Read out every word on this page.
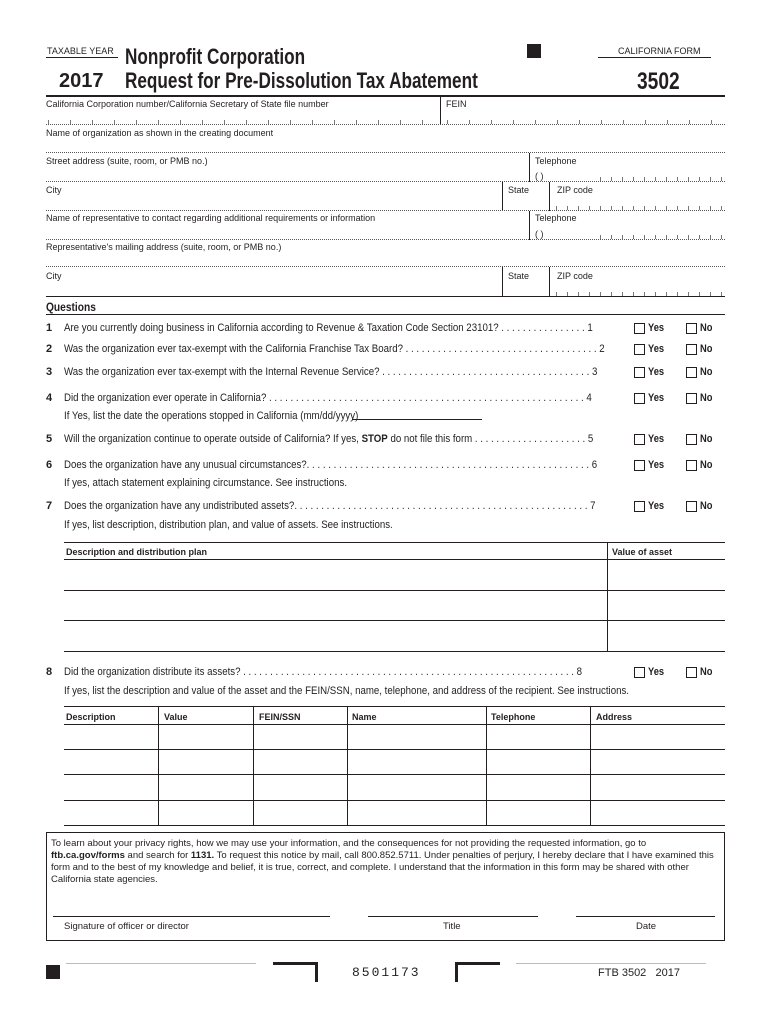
TAXABLE YEAR Nonprofit Corporation
2017 Request for Pre-Dissolution Tax Abatement
CALIFORNIA FORM
3502
California Corporation number/California Secretary of State file number	FEIN
Name of organization as shown in the creating document
Street address (suite, room, or PMB no.)	Telephone
( )
City	State	ZIP code
Name of representative to contact regarding additional requirements or information	Telephone
( )
Representative's mailing address (suite, room, or PMB no.)
City	State	ZIP code
Questions
1 Are you currently doing business in California according to Revenue & Taxation Code Section 23101? . . . . . . . . . . . . . . . . 1	Yes	No
2 Was the organization ever tax-exempt with the California Franchise Tax Board? . . . . . . . . . . . . . . . . . . . . . . . . . . . . . . . . . . . . 2	Yes	No
3 Was the organization ever tax-exempt with the Internal Revenue Service? . . . . . . . . . . . . . . . . . . . . . . . . . . . . . . . . . . . . . . . 3	Yes	No
4 Did the organization ever operate in California? . . . . . . . . . . . . . . . . . . . . . . . . . . . . . . . . . . . . . . . . . . . . . . . . . . . . . . . . . . . 4	Yes	No
If Yes, list the date the operations stopped in California (mm/dd/yyyy)
5 Will the organization continue to operate outside of California? If yes, STOP do not file this form . . . . . . . . . . . . . . . . . . . . . 5	Yes	No
6 Does the organization have any unusual circumstances?. . . . . . . . . . . . . . . . . . . . . . . . . . . . . . . . . . . . . . . . . . . . . . . . . . . . . 6	Yes	No
If yes, attach statement explaining circumstance. See instructions.
7 Does the organization have any undistributed assets?. . . . . . . . . . . . . . . . . . . . . . . . . . . . . . . . . . . . . . . . . . . . . . . . . . . . . . . 7	Yes	No
If yes, list description, distribution plan, and value of assets. See instructions.
Description and distribution plan	Value of asset
8 Did the organization distribute its assets? . . . . . . . . . . . . . . . . . . . . . . . . . . . . . . . . . . . . . . . . . . . . . . . . . . . . . . . . . . . . . . 8	Yes	No
If yes, list the description and value of the asset and the FEIN/SSN, name, telephone, and address of the recipient. See instructions.
Description	Value	FEIN/SSN	Name	Telephone	Address
To learn about your privacy rights, how we may use your information, and the consequences for not providing the requested information, go to ftb.ca.gov/forms and search for 1131. To request this notice by mail, call 800.852.5711. Under penalties of perjury, I hereby declare that I have examined this form and to the best of my knowledge and belief, it is true, correct, and complete. I understand that the information in this form may be shared with other California state agencies.
Signature of officer or director	Title	Date
8501173	FTB 3502   2017
